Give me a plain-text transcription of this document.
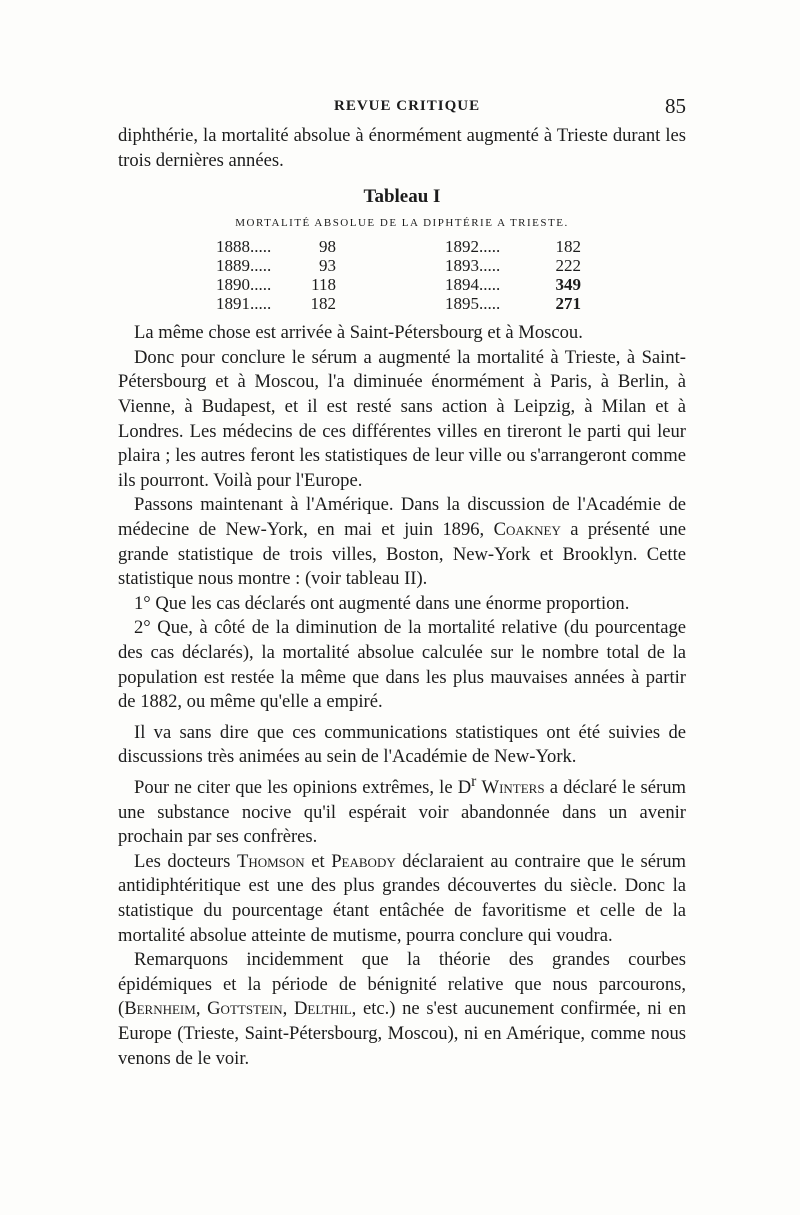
REVUE CRITIQUE	85

diphthérie, la mortalité absolue à énormément augmenté à Trieste durant les trois dernières années.

Tableau I
MORTALITÉ ABSOLUE DE LA DIPHTÉRIE A TRIESTE.
1888.....	98
1889.....	93
1890..... 118
1891..... 182
1892.....	182
1893.....	222
1894.....	349
1895.....	271

La même chose est arrivée à Saint-Pétersbourg et à Moscou.

Donc pour conclure le sérum a augmenté la mortalité à Trieste, à Saint-Pétersbourg et à Moscou, l'a diminuée énormément à Paris, à Berlin, à Vienne, à Budapest, et il est resté sans action à Leipzig, à Milan et à Londres. Les médecins de ces différentes villes en tireront le parti qui leur plaira ; les autres feront les statistiques de leur ville ou s'arrangeront comme ils pourront. Voilà pour l'Europe.

Passons maintenant à l'Amérique. Dans la discussion de l'Académie de médecine de New-York, en mai et juin 1896, Coakney a présenté une grande statistique de trois villes, Boston, New-York et Brooklyn. Cette statistique nous montre : (voir tableau II).

1° Que les cas déclarés ont augmenté dans une énorme proportion.

2° Que, à côté de la diminution de la mortalité relative (du pourcentage des cas déclarés), la mortalité absolue calculée sur le nombre total de la population est restée la même que dans les plus mauvaises années à partir de 1882, ou même qu'elle a empiré.

Il va sans dire que ces communications statistiques ont été suivies de discussions très animées au sein de l'Académie de New-York.

Pour ne citer que les opinions extrêmes, le $D^r$ Winters a déclaré le sérum une substance nocive qu'il espérait voir abandonnée dans un avenir prochain par ses confrères.

Les docteurs Thomson et Peabody déclaraient au contraire que le sérum antidiphtéritique est une des plus grandes découvertes du siècle. Donc la statistique du pourcentage étant entâchée de favoritisme et celle de la mortalité absolue atteinte de mutisme, pourra conclure qui voudra.

Remarquons incidemment que la théorie des grandes courbes épidémiques et la période de bénignité relative que nous parcourons, (Bernheim, Gottstein, Delthil, etc.) ne s'est aucunement confirmée, ni en Europe (Trieste, Saint-Pétersbourg, Moscou), ni en Amérique, comme nous venons de le voir.
